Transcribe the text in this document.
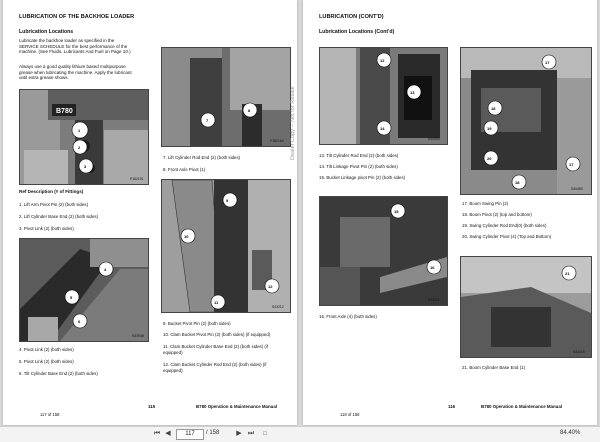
LUBRICATION OF THE BACKHOE LOADER
Lubrication Locations
Lubricate the backhoe loader as specified in the
SERVICE SCHEDULE for the best performance of the
machine. (See Fluids, Lubricants And Fuel on Page 10.)
Always use a good quality lithium based multipurpose
grease when lubricating the machine. Apply the lubricant
until extra grease shows.
B780
1
2
3
P182191
7
8
P182164
7. Lift Cylinder Rod End (2) (both sides)
8. Front Axle Pivot (1)
Ref Description (# of Fittings)
1. Lift Arm Pivot Pin (2) (both sides)
2. Lift Cylinder Base End (2) (both sides)
3. Pivot Link (2) (both sides)
4
5
6
S43948
4. Pivot Link (2) (both sides)
5. Pivot Link (2) (both sides)
6. Tilt Cylinder Base End (2) (both sides)
9
10
11
12
S43212
9. Bucket Pivot Pin (2) (both sides)
10. Clam Bucket Pivot Pin (2) (both sides) (if equipped)
11. Clam Bucket Cylinder Base End (2) (both sides) (if
equipped)
12. Clam Bucket Cylinder Rod End (2) (both sides) (if
equipped)
117 of 158
115	B780 Operation & Maintenance Manual
LUBRICATION (CONT'D)
Lubrication Locations (Cont'd)
12
13
14
S40493
17
18
19
20
17
18
S40489
13. Tilt Cylinder Rod End (2) (both sides)
14. Tilt Linkage Pivot Pin (2) (both sides)
15. Bucket Linkage pivot Pin (2) (both sides)
15
16
S44211
16. Front Axle (4) (both sides)
17. Boom Swing Pin (2)
18. Boom Pivot (2) (top and bottom)
19. Swing Cylinder Rod End(0) (both sides)
20. Swing Cylinder Pivot (4) (Top and Bottom)
21
S44215
21. Boom Cylinder Base End (1)
118 of 158
116	B780 Operation & Maintenance Manual
Dealer Copy -- Not for Resale
⏮ ◀	117	/ 158	▶ ⏭	□	84.40%
